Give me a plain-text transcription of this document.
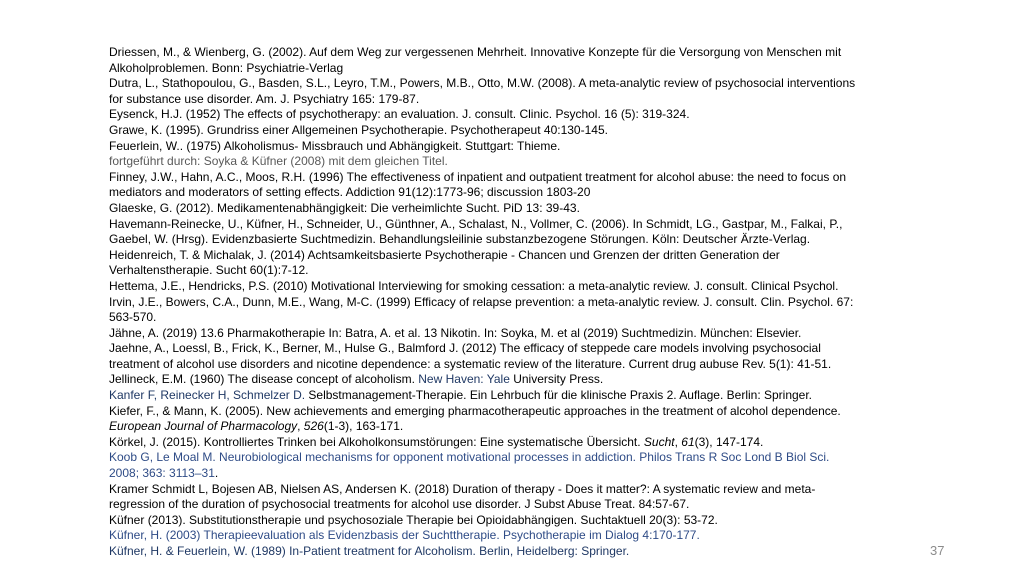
Driessen, M., & Wienberg, G. (2002). Auf dem Weg zur vergessenen Mehrheit. Innovative Konzepte für die Versorgung von Menschen mit Alkoholproblemen. Bonn: Psychiatrie-Verlag
Dutra, L., Stathopoulou, G., Basden, S.L., Leyro, T.M., Powers, M.B., Otto, M.W. (2008). A meta-analytic review of psychosocial interventions for substance use disorder. Am. J. Psychiatry 165: 179-87.
Eysenck, H.J. (1952) The effects of psychotherapy: an evaluation. J. consult. Clinic. Psychol. 16 (5): 319-324.
Grawe, K. (1995). Grundriss einer Allgemeinen Psychotherapie. Psychotherapeut 40:130-145.
Feuerlein, W.. (1975) Alkoholismus- Missbrauch und Abhängigkeit. Stuttgart: Thieme.
fortgeführt durch: Soyka & Küfner (2008) mit dem gleichen Titel.
Finney, J.W., Hahn, A.C., Moos, R.H. (1996) The effectiveness of inpatient and outpatient treatment for alcohol abuse: the need to focus on mediators and moderators of setting effects. Addiction 91(12):1773-96; discussion 1803-20
Glaeske, G. (2012). Medikamentenabhängigkeit: Die verheimlichte Sucht. PiD 13: 39-43.
Havemann-Reinecke, U., Küfner, H., Schneider, U., Günthner, A., Schalast, N., Vollmer, C. (2006). In Schmidt, LG., Gastpar, M., Falkai, P., Gaebel, W. (Hrsg). Evidenzbasierte Suchtmedizin. Behandlungsleilinie substanzbezogene Störungen. Köln: Deutscher Ärzte-Verlag.
Heidenreich, T. & Michalak, J. (2014) Achtsamkeitsbasierte Psychotherapie - Chancen und Grenzen der dritten Generation der Verhaltenstherapie. Sucht 60(1):7-12.
Hettema, J.E., Hendricks, P.S. (2010) Motivational Interviewing for smoking cessation: a meta-analytic review. J. consult. Clinical Psychol. Irvin, J.E., Bowers, C.A., Dunn, M.E., Wang, M-C. (1999) Efficacy of relapse prevention: a meta-analytic review. J. consult. Clin. Psychol. 67: 563-570.
Jähne, A. (2019) 13.6 Pharmakotherapie In: Batra, A. et al. 13 Nikotin. In: Soyka, M. et al (2019) Suchtmedizin. München: Elsevier.
Jaehne, A., Loessl, B., Frick, K., Berner, M., Hulse G., Balmford J. (2012) The efficacy of steppede care models involving psychosocial treatment of alcohol use disorders and nicotine dependence: a systematic review of the literature. Current drug aubuse Rev. 5(1): 41-51.
Jellineck, E.M. (1960) The disease concept of alcoholism. New Haven: Yale University Press.
Kanfer F, Reinecker H, Schmelzer D. Selbstmanagement-Therapie. Ein Lehrbuch für die klinische Praxis 2. Auflage. Berlin: Springer.
Kiefer, F., & Mann, K. (2005). New achievements and emerging pharmacotherapeutic approaches in the treatment of alcohol dependence. European Journal of Pharmacology, 526(1-3), 163-171.
Körkel, J. (2015). Kontrolliertes Trinken bei Alkoholkonsumstörungen: Eine systematische Übersicht. Sucht, 61(3), 147-174.
Koob G, Le Moal M. Neurobiological mechanisms for opponent motivational processes in addiction. Philos Trans R Soc Lond B Biol Sci. 2008; 363: 3113–31.
Kramer Schmidt L, Bojesen AB, Nielsen AS, Andersen K. (2018) Duration of therapy - Does it matter?: A systematic review and meta-regression of the duration of psychosocial treatments for alcohol use disorder. J Subst Abuse Treat. 84:57-67.
Küfner (2013). Substitutionstherapie und psychosoziale Therapie bei Opioidabhängigen. Suchtaktuell 20(3): 53-72.
Küfner, H. (2003) Therapieevaluation als Evidenzbasis der Suchttherapie. Psychotherapie im Dialog 4:170-177.
Küfner, H. & Feuerlein, W. (1989) In-Patient treatment for Alcoholism. Berlin, Heidelberg: Springer.	37
